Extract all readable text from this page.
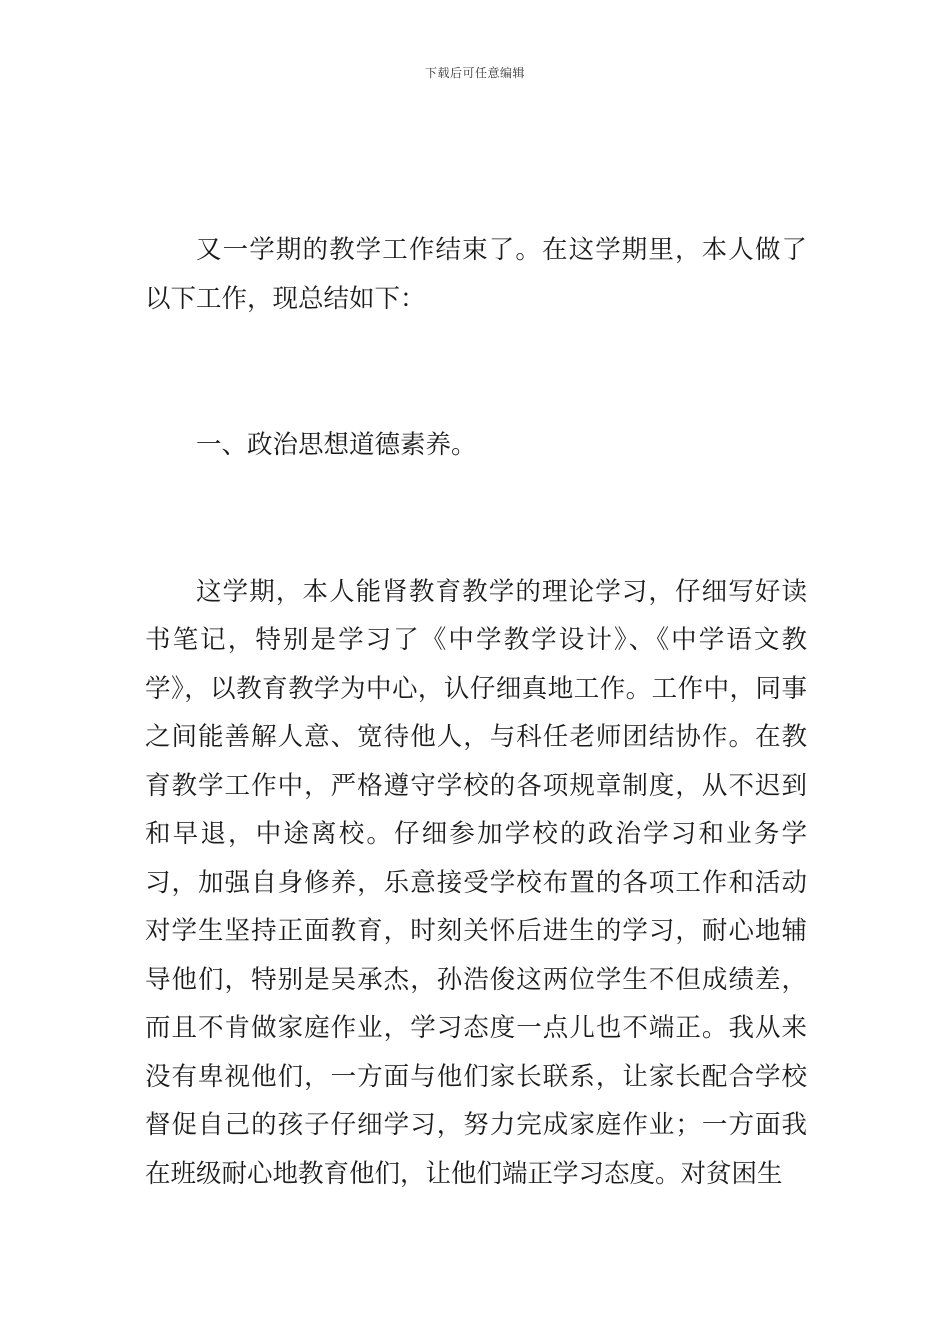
下载后可任意编辑

又一学期的教学工作结束了。在这学期里，本人做了以下工作，现总结如下：

一、政治思想道德素养。

这学期，本人能肾教育教学的理论学习，仔细写好读书笔记，特别是学习了《中学教学设计》、《中学语文教学》，以教育教学为中心，认仔细真地工作。工作中，同事之间能善解人意、宽待他人，与科任老师团结协作。在教育教学工作中，严格遵守学校的各项规章制度，从不迟到和早退，中途离校。仔细参加学校的政治学习和业务学习，加强自身修养，乐意接受学校布置的各项工作和活动对学生坚持正面教育，时刻关怀后进生的学习，耐心地辅导他们，特别是吴承杰，孙浩俊这两位学生不但成绩差，而且不肯做家庭作业，学习态度一点儿也不端正。我从来没有卑视他们，一方面与他们家长联系，让家长配合学校督促自己的孩子仔细学习，努力完成家庭作业；一方面我在班级耐心地教育他们，让他们端正学习态度。对贫困生
